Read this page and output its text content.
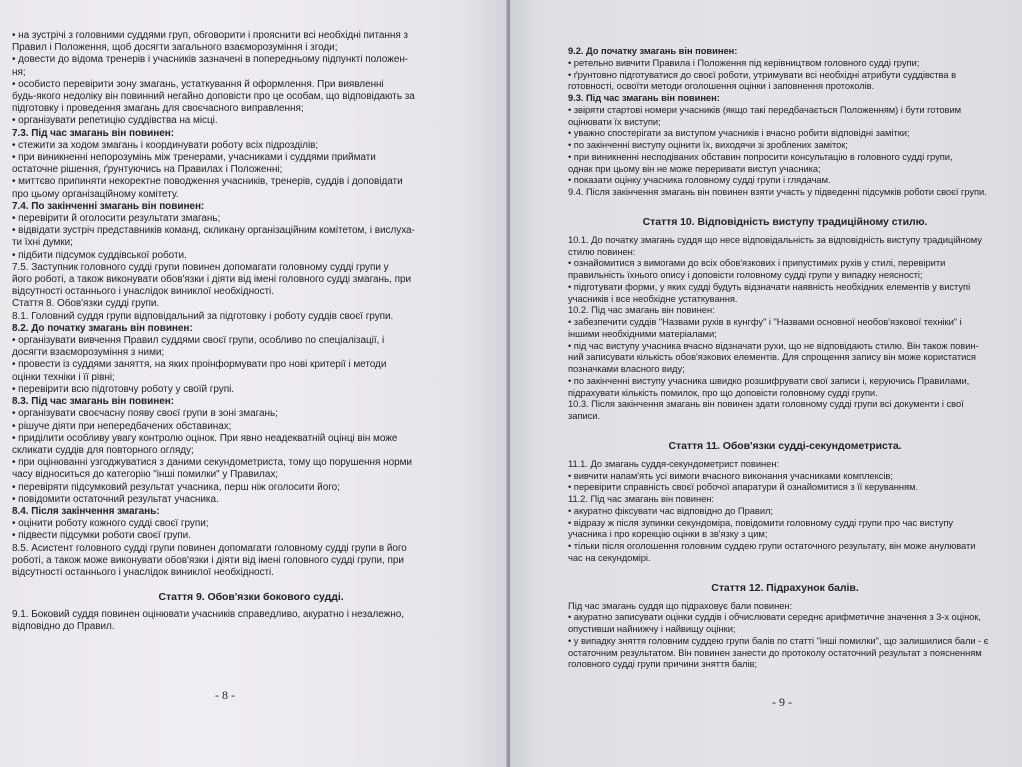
• на зустрічі з головними суддями груп, обговорити і прояснити всі необхідні питання з
Правил і Положення, щоб досягти загального взаєморозуміння і згоди;
• довести до відома тренерів і учасників зазначені в попередньому підпункті положен-
ня;
• особисто перевірити зону змагань, устаткування й оформлення. При виявленні
будь-якого недоліку він повинний негайно доповісти про це особам, що відповідають за
підготовку і проведення змагань для своєчасного виправлення;
• організувати репетицію суддівства на місці.
7.3. Під час змагань він повинен:
• стежити за ходом змагань і координувати роботу всіх підрозділів;
• при виникненні непорозумінь між тренерами, учасниками і суддями приймати
остаточне рішення, ґрунтуючись на Правилах і Положенні;
• миттєво припиняти некоректне поводження учасників, тренерів, суддів і доповідати
про цьому організаційному комітету.
7.4. По закінченні змагань він повинен:
• перевірити й оголосити результати змагань;
• відвідати зустріч представників команд, скликану організаційним комітетом, і вислуха-
ти їхні думки;
• підбити підсумок суддівської роботи.
7.5. Заступник головного судді групи повинен допомагати головному судді групи у
його роботі, а також виконувати обов'язки і діяти від імені головного судді змагань, при
відсутності останнього і унаслідок виниклої необхідності.
Стаття 8. Обов'язки судді групи.
8.1. Головний суддя групи відповідальний за підготовку і роботу суддів своєї групи.
8.2. До початку змагань він повинен:
• організувати вивчення Правил суддями своєї групи, особливо по спеціалізації, і
досягти взаєморозуміння з ними;
• провести із суддями заняття, на яких проінформувати про нові критерії і методи
оцінки техніки і її рівні;
• перевірити всю підготовчу роботу у своїй групі.
8.3. Під час змагань він повинен:
• організувати своєчасну появу своєї групи в зоні змагань;
• рішуче діяти при непередбачених обставинах;
• приділити особливу увагу контролю оцінок. При явно неадекватній оцінці він може
скликати суддів для повторного огляду;
• при оцінюванні узгоджуватися з даними секундометриста, тому що порушення норми
часу відноситься до категорію "інші помилки" у Правилах;
• перевіряти підсумковий результат учасника, перш ніж оголосити його;
• повідомити остаточний результат учасника.
8.4. Після закінчення змагань:
• оцінити роботу кожного судді своєї групи;
• підвести підсумки роботи своєї групи.
8.5. Асистент головного судді групи повинен допомагати головному судді групи в його
роботі, а також може виконувати обов'язки і діяти від імені головного судді групи, при
відсутності останнього і унаслідок виниклої необхідності.
Стаття 9. Обов'язки бокового судді.
9.1. Боковий суддя повинен оцінювати учасників справедливо, акуратно і незалежно,
відповідно до Правил.
- 8 -
9.2. До початку змагань він повинен:
• ретельно вивчити Правила і Положення під керівництвом головного судді групи;
• ґрунтовно підготуватися до своєї роботи, утримувати всі необхідні атрибути суддівства в
готовності, освоїти методи оголошення оцінки і заповнення протоколів.
9.3. Під час змагань він повинен:
• звіряти стартові номери учасників (якщо такі передбачається Положенням) і бути готовим
оцінювати їх виступи;
• уважно спостерігати за виступом учасників і вчасно робити відповідні замітки;
• по закінченні виступу оцінити їх, виходячи зі зроблених заміток;
• при виникненні несподіваних обставин попросити консультацію в головного судді групи,
однак при цьому він не може переривати виступ учасника;
• показати оцінку учасника головному судді групи і глядачам.
9.4. Після закінчення змагань він повинен взяти участь у підведенні підсумків роботи своєї групи.
Стаття 10. Відповідність виступу традиційному стилю.
10.1. До початку змагань суддя що несе відповідальність за відповідність виступу традиційному
стилю повинен:
• ознайомитися з вимогами до всіх обов'язкових і припустимих рухів у стилі, перевірити
правильність їхнього опису і доповісти головному судді групи у випадку неясності;
• підготувати форми, у яких судді будуть відзначати наявність необхідних елементів у виступі
учасників і все необхідне устаткування.
10.2. Під час змагань він повинен:
• забезпечити суддів "Назвами рухів в кунгфу" і "Назвами основної необов'язкової техніки" і
іншими необхідними матеріалами;
• під час виступу учасника вчасно відзначати рухи, що не відповідають стилю. Він також повин-
ний записувати кількість обов'язкових елементів. Для спрощення запису він може користатися
позначками власного виду;
• по закінченні виступу учасника швидко розшифрувати свої записи і, керуючись Правилами,
підрахувати кількість помилок, про що доповісти головному судді групи.
10.3. Після закінчення змагань він повинен здати головному судді групи всі документи і свої
записи.
Стаття 11. Обов'язки судді-секундометриста.
11.1. До змагань суддя-секундометрист повинен:
• вивчити напам'ять усі вимоги вчасного виконання учасниками комплексів;
• перевірити справність своєї робочої апаратури й ознайомитися з її керуванням.
11.2. Під час змагань він повинен:
• акуратно фіксувати час відповідно до Правил;
• відразу ж після зупинки секундоміра, повідомити головному судді групи про час виступу
учасника і про корекцію оцінки в зв'язку з цим;
• тільки після оголошення головним суддею групи остаточного результату, він може анулювати
час на секундомірі.
Стаття 12. Підрахунок балів.
Під час змагань суддя що підраховує бали повинен:
• акуратно записувати оцінки суддів і обчислювати середнє арифметичне значення з 3-х оцінок,
опустивши найнижчу і найвищу оцінки;
• у випадку зняття головним суддею групи балів по статті "інші помилки", що залишилися бали - є
остаточним результатом. Він повинен занести до протоколу остаточний результат з поясненням
головного судді групи причини зняття балів;
- 9 -
